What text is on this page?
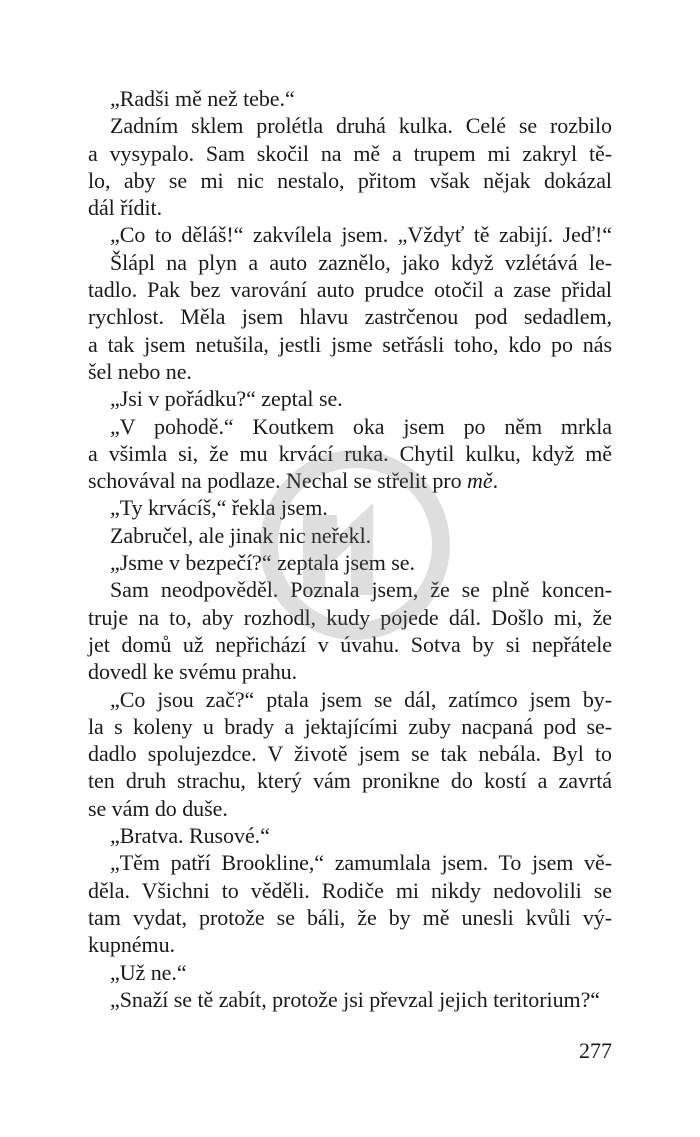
„Radši mě než tebe.“
Zadním sklem prolétla druhá kulka. Celé se rozbilo
a vysypalo. Sam skočil na mě a trupem mi zakryl tě-
lo, aby se mi nic nestalo, přitom však nějak dokázal
dál řídit.
„Co to děláš!“ zakvílela jsem. „Vždyť tě zabijí. Jeď!“
Šlápl na plyn a auto zaznělo, jako když vzlétává le-
tadlo. Pak bez varování auto prudce otočil a zase přidal
rychlost. Měla jsem hlavu zastrčenou pod sedadlem,
a tak jsem netušila, jestli jsme setřásli toho, kdo po nás
šel nebo ne.
„Jsi v pořádku?“ zeptal se.
„V pohodě.“ Koutkem oka jsem po něm mrkla
a všimla si, že mu krvácí ruka. Chytil kulku, když mě
schovával na podlaze. Nechal se střelit pro mě.
„Ty krvácíš,“ řekla jsem.
Zabručel, ale jinak nic neřekl.
„Jsme v bezpečí?“ zeptala jsem se.
Sam neodpověděl. Poznala jsem, že se plně koncen-
truje na to, aby rozhodl, kudy pojede dál. Došlo mi, že
jet domů už nepřichází v úvahu. Sotva by si nepřátele
dovedl ke svému prahu.
„Co jsou zač?“ ptala jsem se dál, zatímco jsem by-
la s koleny u brady a jektajícími zuby nacpaná pod se-
dadlo spolujezdce. V životě jsem se tak nebála. Byl to
ten druh strachu, který vám pronikne do kostí a zavrtá
se vám do duše.
„Bratva. Rusové.“
„Těm patří Brookline,“ zamumlala jsem. To jsem vě-
děla. Všichni to věděli. Rodiče mi nikdy nedovolili se
tam vydat, protože se báli, že by mě unesli kvůli vý-
kupnému.
„Už ne.“
„Snaží se tě zabít, protože jsi převzal jejich teritorium?“
277
